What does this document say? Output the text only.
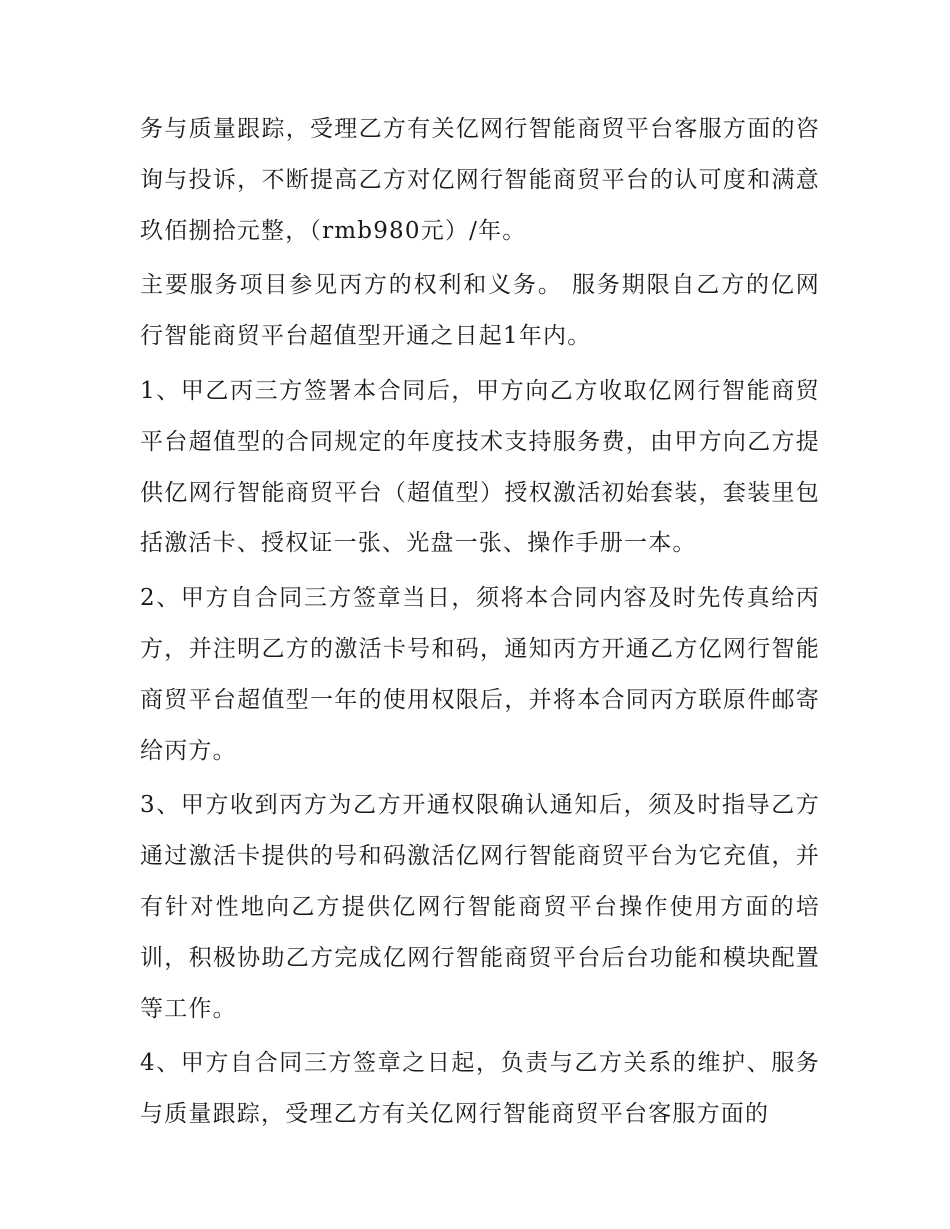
务与质量跟踪，受理乙方有关亿网行智能商贸平台客服方面的咨询与投诉，不断提高乙方对亿网行智能商贸平台的认可度和满意玖佰捌拾元整，（rmb980元）/年。

主要服务项目参见丙方的权利和义务。 服务期限自乙方的亿网行智能商贸平台超值型开通之日起1年内。

1、甲乙丙三方签署本合同后，甲方向乙方收取亿网行智能商贸平台超值型的合同规定的年度技术支持服务费，由甲方向乙方提供亿网行智能商贸平台（超值型）授权激活初始套装，套装里包括激活卡、授权证一张、光盘一张、操作手册一本。

2、甲方自合同三方签章当日，须将本合同内容及时先传真给丙方，并注明乙方的激活卡号和码，通知丙方开通乙方亿网行智能商贸平台超值型一年的使用权限后，并将本合同丙方联原件邮寄给丙方。

3、甲方收到丙方为乙方开通权限确认通知后，须及时指导乙方通过激活卡提供的号和码激活亿网行智能商贸平台为它充值，并有针对性地向乙方提供亿网行智能商贸平台操作使用方面的培训，积极协助乙方完成亿网行智能商贸平台后台功能和模块配置等工作。

4、甲方自合同三方签章之日起，负责与乙方关系的维护、服务与质量跟踪，受理乙方有关亿网行智能商贸平台客服方面的
